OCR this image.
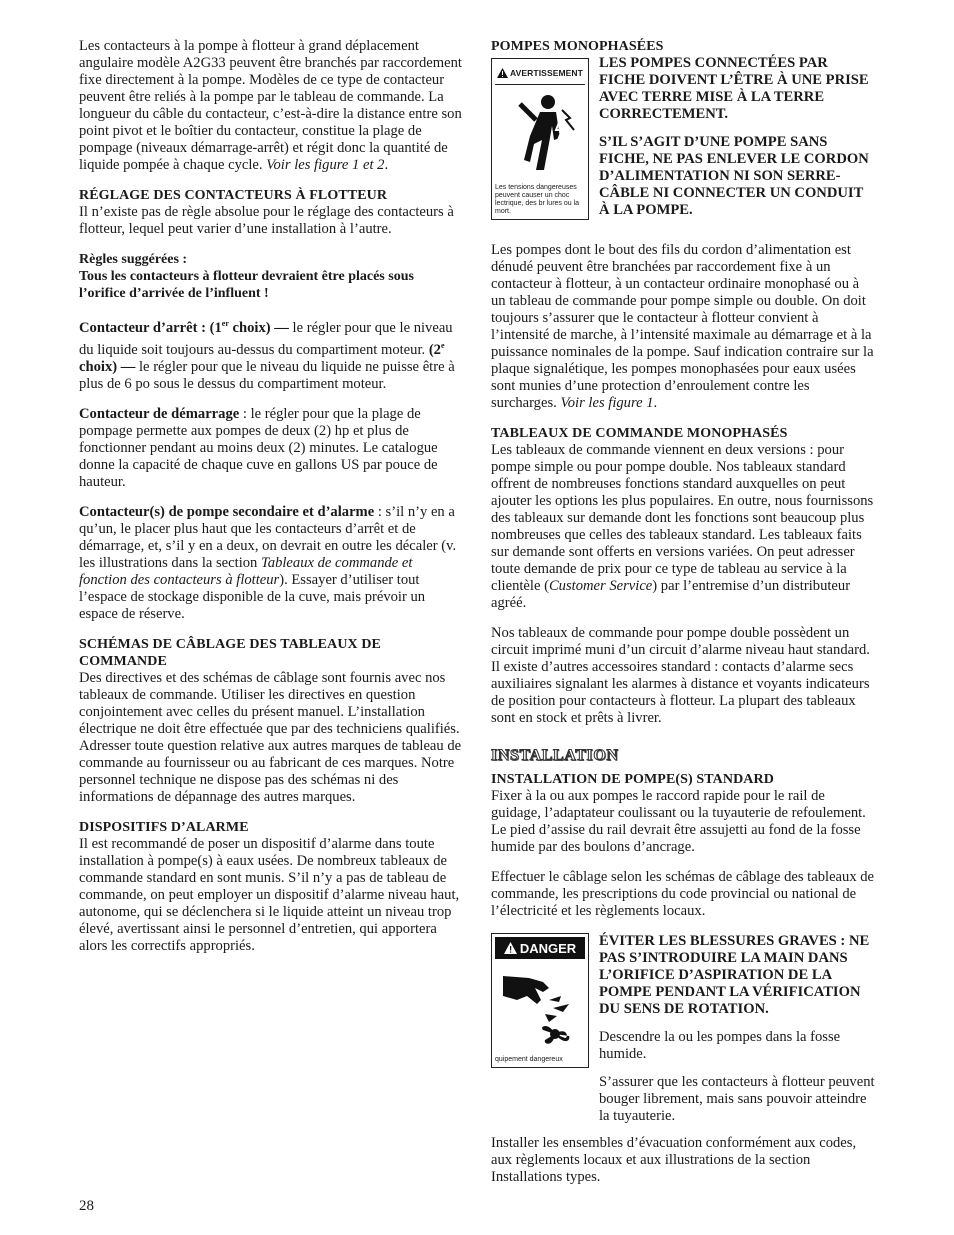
Les contacteurs à la pompe à flotteur à grand déplacement angulaire modèle A2G33 peuvent être branchés par raccordement fixe directement à la pompe. Modèles de ce type de contacteur peuvent être reliés à la pompe par le tableau de commande. La longueur du câble du contacteur, c’est-à-dire la distance entre son point pivot et le boîtier du contacteur, constitue la plage de pompage (niveaux démarrage-arrêt) et régit donc la quantité de liquide pompée à chaque cycle. Voir les figure 1 et 2.

RÉGLAGE DES CONTACTEURS À FLOTTEUR

Il n’existe pas de règle absolue pour le réglage des contacteurs à flotteur, lequel peut varier d’une installation à l’autre.

Règles suggérées :

Tous les contacteurs à flotteur devraient être placés sous l’orifice d’arrivée de l’influent !

Contacteur d’arrêt : (1er choix) — le régler pour que le niveau du liquide soit toujours au-dessus du compartiment moteur. (2e choix) — le régler pour que le niveau du liquide ne puisse être à plus de 6 po sous le dessus du compartiment moteur.

Contacteur de démarrage : le régler pour que la plage de pompage permette aux pompes de deux (2) hp et plus de fonctionner pendant au moins deux (2) minutes. Le catalogue donne la capacité de chaque cuve en gallons US par pouce de hauteur.

Contacteur(s) de pompe secondaire et d’alarme : s’il n’y en a qu’un, le placer plus haut que les contacteurs d’arrêt et de démarrage, et, s’il y en a deux, on devrait en outre les décaler (v. les illustrations dans la section Tableaux de commande et fonction des contacteurs à flotteur). Essayer d’utiliser tout l’espace de stockage disponible de la cuve, mais prévoir un espace de réserve.

SCHÉMAS DE CÂBLAGE DES TABLEAUX DE COMMANDE

Des directives et des schémas de câblage sont fournis avec nos tableaux de commande. Utiliser les directives en question conjointement avec celles du présent manuel. L’installation électrique ne doit être effectuée que par des techniciens qualifiés. Adresser toute question relative aux autres marques de tableau de commande au fournisseur ou au fabricant de ces marques. Notre personnel technique ne dispose pas des schémas ni des informations de dépannage des autres marques.

DISPOSITIFS D’ALARME

Il est recommandé de poser un dispositif d’alarme dans toute installation à pompe(s) à eaux usées. De nombreux tableaux de commande standard en sont munis. S’il n’y a pas de tableau de commande, on peut employer un dispositif d’alarme niveau haut, autonome, qui se déclenchera si le liquide atteint un niveau trop élevé, avertissant ainsi le personnel d’entretien, qui apportera alors les correctifs appropriés.

POMPES MONOPHASÉES
AVERTISSEMENT
Les tensions dangereuses peuvent causer un choc lectrique, des br lures ou la mort.

LES POMPES CONNECTÉES PAR FICHE DOIVENT L’ÊTRE À UNE PRISE AVEC TERRE MISE À LA TERRE CORRECTEMENT.

S’IL S’AGIT D’UNE POMPE SANS FICHE, NE PAS ENLEVER LE CORDON D’ALIMENTATION NI SON SERRE-CÂBLE NI CONNECTER UN CONDUIT À LA POMPE.

Les pompes dont le bout des fils du cordon d’alimentation est dénudé peuvent être branchées par raccordement fixe à un contacteur à flotteur, à un contacteur ordinaire monophasé ou à un tableau de commande pour pompe simple ou double. On doit toujours s’assurer que le contacteur à flotteur convient à l’intensité de marche, à l’intensité maximale au démarrage et à la puissance nominales de la pompe. Sauf indication contraire sur la plaque signalétique, les pompes monophasées pour eaux usées sont munies d’une protection d’enroulement contre les surcharges. Voir les figure 1.

TABLEAUX DE COMMANDE MONOPHASÉS

Les tableaux de commande viennent en deux versions : pour pompe simple ou pour pompe double. Nos tableaux standard offrent de nombreuses fonctions standard auxquelles on peut ajouter les options les plus populaires. En outre, nous fournissons des tableaux sur demande dont les fonctions sont beaucoup plus nombreuses que celles des tableaux standard. Les tableaux faits sur demande sont offerts en versions variées. On peut adresser toute demande de prix pour ce type de tableau au service à la clientèle (Customer Service) par l’entremise d’un distributeur agréé.

Nos tableaux de commande pour pompe double possèdent un circuit imprimé muni d’un circuit d’alarme niveau haut standard. Il existe d’autres accessoires standard : contacts d’alarme secs auxiliaires signalant les alarmes à distance et voyants indicateurs de position pour contacteurs à flotteur. La plupart des tableaux sont en stock et prêts à livrer.

INSTALLATION
INSTALLATION DE POMPE(S) STANDARD

Fixer à la ou aux pompes le raccord rapide pour le rail de guidage, l’adaptateur coulissant ou la tuyauterie de refoulement. Le pied d’assise du rail devrait être assujetti au fond de la fosse humide par des boulons d’ancrage.

Effectuer le câblage selon les schémas de câblage des tableaux de commande, les prescriptions du code provincial ou national de l’électricité et les règlements locaux.

DANGER
quipement dangereux

ÉVITER LES BLESSURES GRAVES : NE PAS S’INTRODUIRE LA MAIN DANS L’ORIFICE D’ASPIRATION DE LA POMPE PENDANT LA VÉRIFICATION DU SENS DE ROTATION.

Descendre la ou les pompes dans la fosse humide.

S’assurer que les contacteurs à flotteur peuvent bouger librement, mais sans pouvoir atteindre la tuyauterie.

Installer les ensembles d’évacuation conformément aux codes, aux règlements locaux et aux illustrations de la section Installations types.

28
